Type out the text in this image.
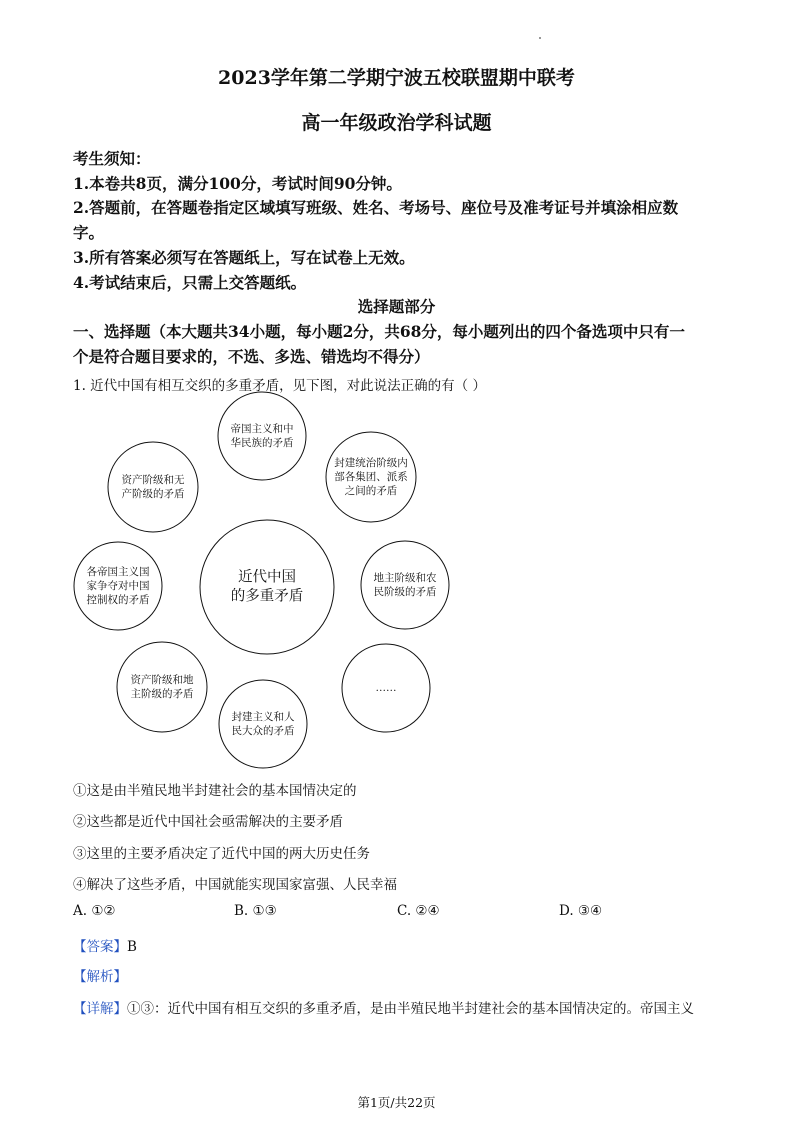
2023学年第二学期宁波五校联盟期中联考
高一年级政治学科试题
考生须知：
1.本卷共8页，满分100分，考试时间90分钟。
2.答题前，在答题卷指定区域填写班级、姓名、考场号、座位号及准考证号并填涂相应数
字。
3.所有答案必须写在答题纸上，写在试卷上无效。
4.考试结束后，只需上交答题纸。
选择题部分
一、选择题（本大题共34小题，每小题2分，共68分，每小题列出的四个备选项中只有一
个是符合题目要求的，不选、多选、错选均不得分）
1. 近代中国有相互交织的多重矛盾，见下图，对此说法正确的有（ ）
近代中国
的多重矛盾
帝国主义和中
华民族的矛盾
封建统治阶级内
部各集团、派系
之间的矛盾
地主阶级和农
民阶级的矛盾
……
封建主义和人
民大众的矛盾
资产阶级和地
主阶级的矛盾
各帝国主义国
家争夺对中国
控制权的矛盾
资产阶级和无
产阶级的矛盾
①这是由半殖民地半封建社会的基本国情决定的
②这些都是近代中国社会亟需解决的主要矛盾
③这里的主要矛盾决定了近代中国的两大历史任务
④解决了这些矛盾，中国就能实现国家富强、人民幸福
A. ①②	B. ①③	C. ②④	D. ③④
【答案】B
【解析】
【详解】①③：近代中国有相互交织的多重矛盾，是由半殖民地半封建社会的基本国情决定的。帝国主义
第1页/共22页
